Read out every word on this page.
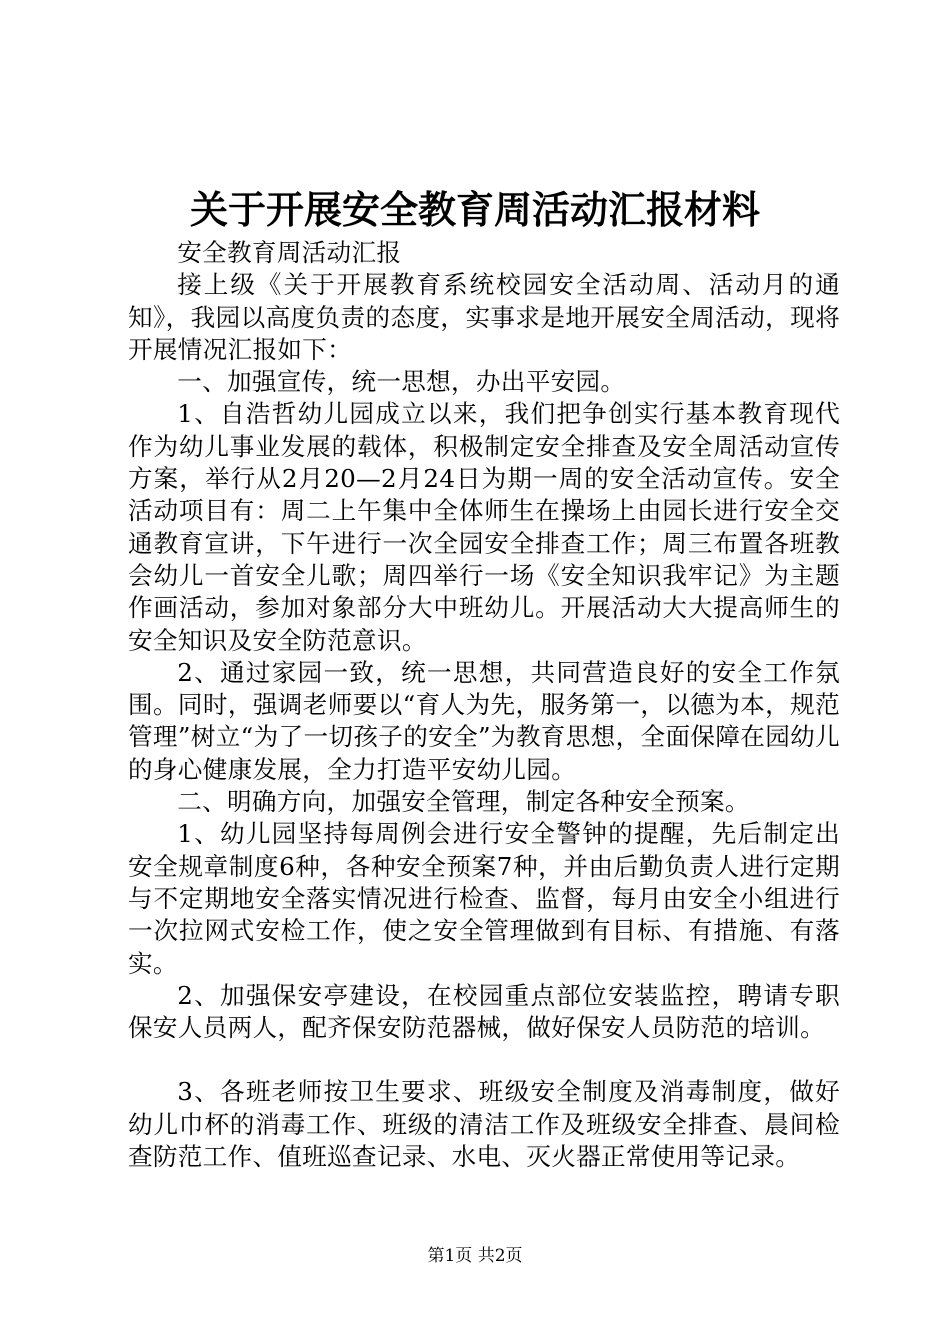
关于开展安全教育周活动汇报材料

安全教育周活动汇报

接上级《关于开展教育系统校园安全活动周、活动月的通知》，我园以高度负责的态度，实事求是地开展安全周活动，现将开展情况汇报如下：

一、加强宣传，统一思想，办出平安园。

1、自浩哲幼儿园成立以来，我们把争创实行基本教育现代作为幼儿事业发展的载体，积极制定安全排查及安全周活动宣传方案，举行从2月20—2月24日为期一周的安全活动宣传。安全活动项目有：周二上午集中全体师生在操场上由园长进行安全交通教育宣讲，下午进行一次全园安全排查工作；周三布置各班教会幼儿一首安全儿歌；周四举行一场《安全知识我牢记》为主题作画活动，参加对象部分大中班幼儿。开展活动大大提高师生的安全知识及安全防范意识。

2、通过家园一致，统一思想，共同营造良好的安全工作氛围。同时，强调老师要以“育人为先，服务第一，以德为本，规范管理”树立“为了一切孩子的安全”为教育思想，全面保障在园幼儿的身心健康发展，全力打造平安幼儿园。

二、明确方向，加强安全管理，制定各种安全预案。

1、幼儿园坚持每周例会进行安全警钟的提醒，先后制定出安全规章制度6种，各种安全预案7种，并由后勤负责人进行定期与不定期地安全落实情况进行检查、监督，每月由安全小组进行一次拉网式安检工作，使之安全管理做到有目标、有措施、有落实。

2、加强保安亭建设，在校园重点部位安装监控，聘请专职保安人员两人，配齐保安防范器械，做好保安人员防范的培训。

3、各班老师按卫生要求、班级安全制度及消毒制度，做好幼儿巾杯的消毒工作、班级的清洁工作及班级安全排查、晨间检查防范工作、值班巡查记录、水电、灭火器正常使用等记录。

第1页 共2页
